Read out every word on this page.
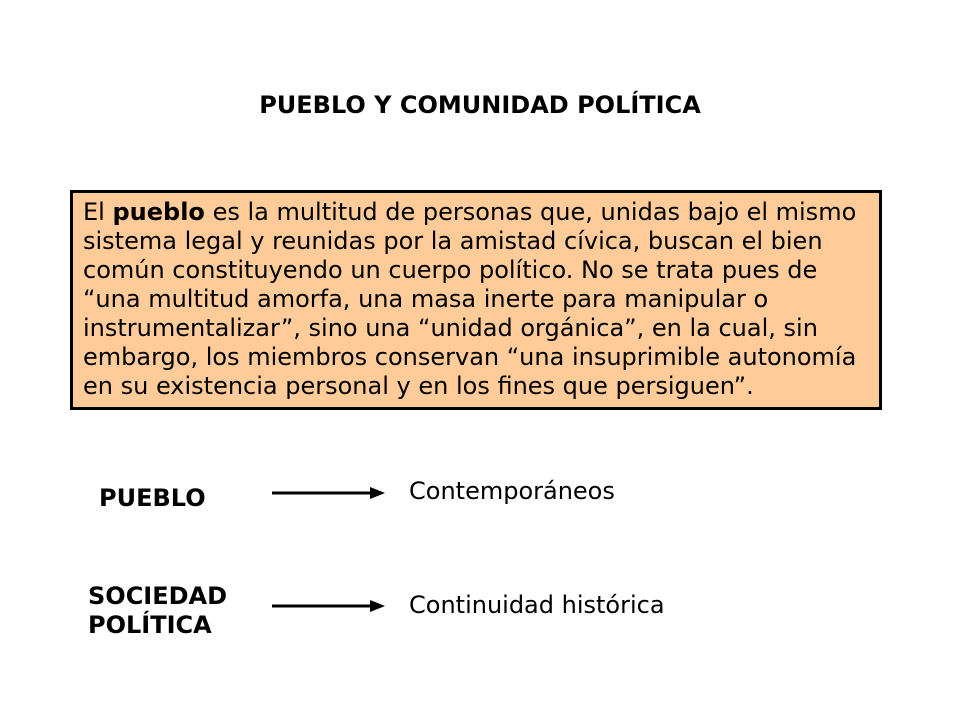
PUEBLO Y COMUNIDAD POLÍTICA
El pueblo es la multitud de personas que, unidas bajo el mismo
sistema legal y reunidas por la amistad cívica, buscan el bien
común constituyendo un cuerpo político. No se trata pues de
“una multitud amorfa, una masa inerte para manipular o
instrumentalizar”, sino una “unidad orgánica”, en la cual, sin
embargo, los miembros conservan “una insuprimible autonomía
en su existencia personal y en los fines que persiguen”.
PUEBLO	Contemporáneos
SOCIEDAD
POLÍTICA
Continuidad histórica
